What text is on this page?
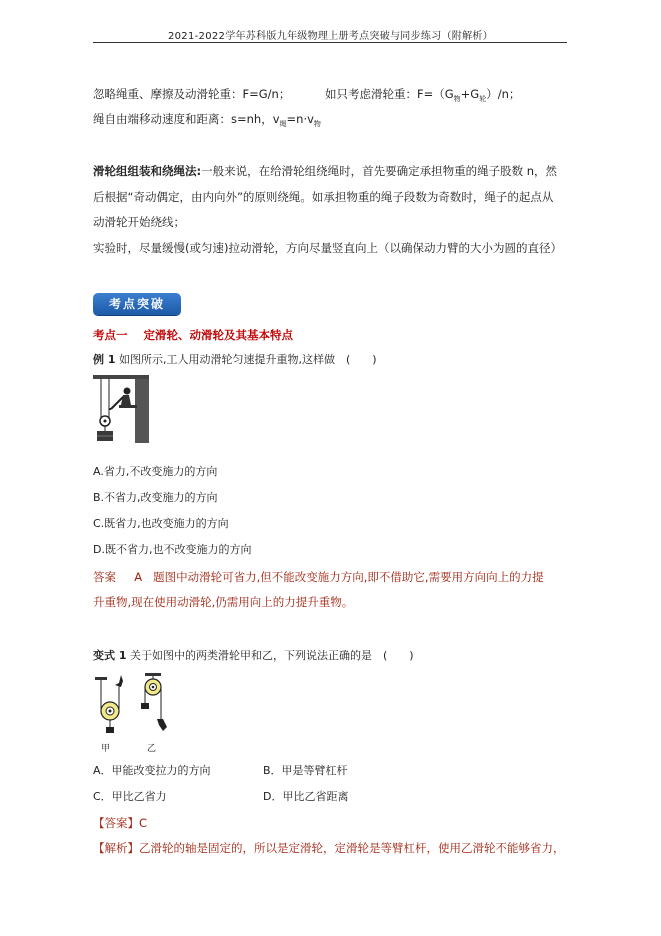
2021-2022学年苏科版九年级物理上册考点突破与同步练习（附解析）
忽略绳重、摩擦及动滑轮重：F=G/n；	如只考虑滑轮重：$F=(G_物+G_轮)/n$；
绳自由端移动速度和距离：s=nh，$v_绳=n\cdot v_物$
滑轮组组装和绕绳法:一般来说，在给滑轮组绕绳时，首先要确定承担物重的绳子股数 n，然
后根据“奇动偶定，由内向外”的原则绕绳。如承担物重的绳子段数为奇数时，绳子的起点从
动滑轮开始绕线；
实验时，尽量缓慢(或匀速)拉动滑轮，方向尽量竖直向上（以确保动力臂的大小为圆的直径）
考点突破
考点一 定滑轮、动滑轮及其基本特点
例 1 如图所示,工人用动滑轮匀速提升重物,这样做　(　　)
A.省力,不改变施力的方向
B.不省力,改变施力的方向
C.既省力,也改变施力的方向
D.既不省力,也不改变施力的方向
答案 A 题图中动滑轮可省力,但不能改变施力方向,即不借助它,需要用方向向上的力提
升重物,现在使用动滑轮,仍需用向上的力提升重物。
变式 1 关于如图中的两类滑轮甲和乙，下列说法正确的是　(　　)
甲	乙
A．甲能改变拉力的方向	B．甲是等臂杠杆
C．甲比乙省力	D．甲比乙省距离
【答案】C
【解析】乙滑轮的轴是固定的，所以是定滑轮，定滑轮是等臂杠杆，使用乙滑轮不能够省力，
